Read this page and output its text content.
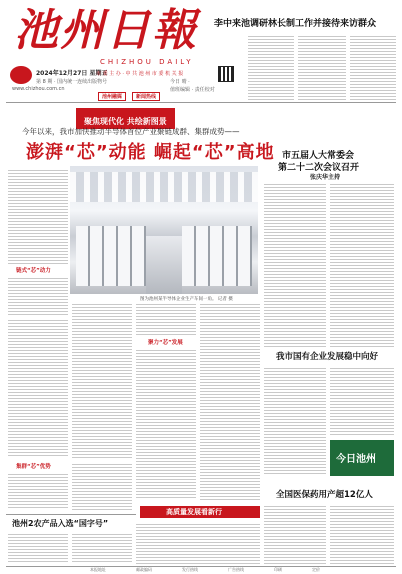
池州日報
CHIZHOU DAILY
2024年12月27日 星期五
市 委 主 办 · 中 共 池 州 市 委 机 关 报
第 8 期 · 国内统一连续出版物号
www.chizhou.com.cn
今日 晴 ·
值班编辑 · 责任校对
池州融媒	新闻热线
李中来池调研林长制工作并接待来访群众
聚焦现代化 共绘新图景
今年以来，我市加快推动半导体首位产业聚链成群、集群成势——
澎湃“芯”动能 崛起“芯”高地 市五届人大常委会
第二十二次会议召开
张庆华主持
链式“芯”动力
图为池州某半导体企业生产车间一角。 记者 摄
聚力“芯”发展
集群“芯”优势
高质量发展看新行
我市国有企业发展稳中向好
今日池州
全国医保药用产超12亿人
池州2农产品入选“国字号”
本报地址	邮政编码	发行热线	广告热线	印刷	定价
